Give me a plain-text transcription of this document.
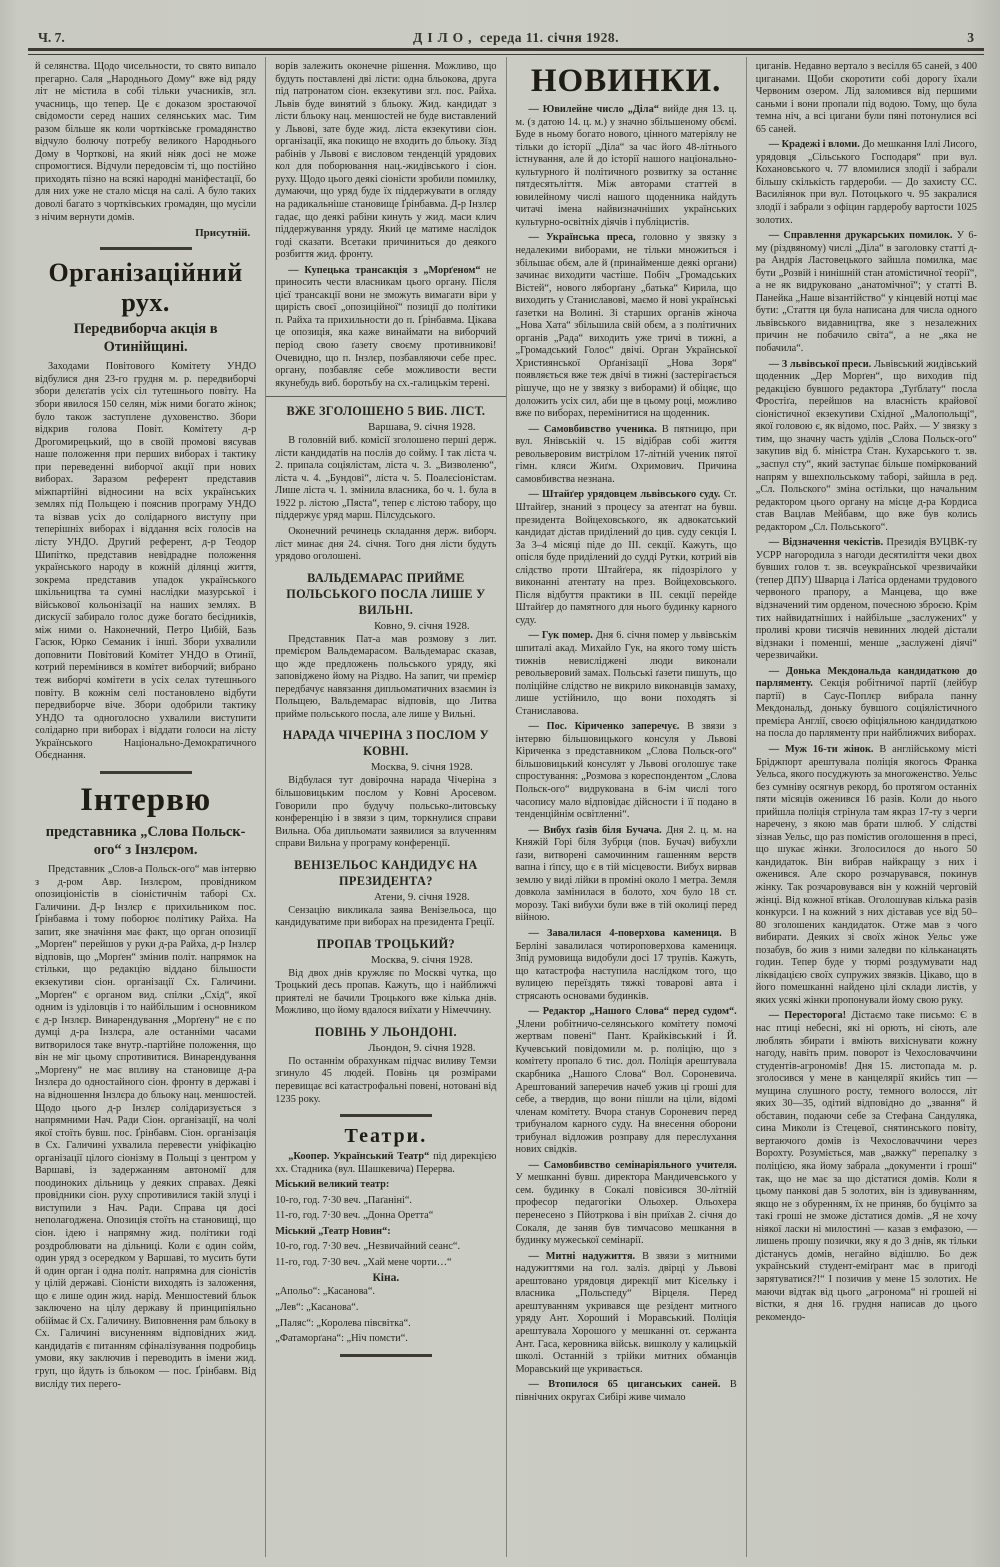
Ч. 7.	ДІЛО, середа 11. січня 1928.	3

й селянства. Щодо чисельности, то свято випало прегарно. Саля „Народнього Дому“ вже від ряду літ не містила в собі тільки учасників, згл. учасниць, що тепер. Це є доказом зростаючої свідомости серед наших селянських мас. Тим разом більше як коли чортківське громадянство відчуло болючу потребу великого Народнього Дому в Чорткові, на який ніяк досі не може спромогтися. Відчули передовсім ті, що постійно приходять пізно на всякі народні маніфестації, бо для них уже не стало місця на салі. А було таких доволі багато з чортківських громадян, що мусіли з нічим вернути домів.

Присутній.
Організаційний рух.
Передвиборча акція в Отинійщині.

Заходами Повітового Комітету УНДО відбулися дня 23-го грудня м. р. передвиборчі збори делєґатів усіх сіл тутешнього повіту. На збори явилося 150 селян, між ними богато жінок; було також заступлене духовенство. Збори відкрив голова Повіт. Комітету д-р Дрогомирецький, що в своїй промові вясував наше положення при перших виборах і тактику при переведенні виборчої акції при нових виборах. Заразом референт представив міжпартійні відносини на всіх українських землях під Польщею і пояснив програму УНДО та візвав усіх до солідарного виступу при теперішніх виборах і віддання всіх голосів на лісту УНДО. Другий референт, д-р Теодор Шипітко, представив невідрадне положення українського народу в кожній ділянці життя, зокрема представив упадок українського шкільництва та сумні наслідки мазурської і військової кольонізації на наших землях. В дискусії забирало голос дуже богато бесідників, між ними о. Наконечний, Петро Цибій, Базь Гасюк, Юрко Семаник і інші. Збори ухвалили доповнити Повітовий Комітет УНДО в Отинії, котрий перемінився в комітет виборчий; вибрано теж виборчі комітети в усіх селах тутешнього повіту. В кожнім селі постановлено відбути передвиборче віче. Збори одобрили тактику УНДО та одноголосно ухвалили виступити солідарно при виборах і віддати голоси на лісту Українського Національно-Демократичного Обєднання.

Інтервю
представника „Слова Польск-ого“ з Інзлєром.

Представник „Слов-а Польск-ого“ мав інтервю з д-ром Авр. Інзлєром, провідником опозиціоністів в сіоністичнім таборі Сх. Галичини. Д-р Інзлєр є прихильником пос. Ґрінбавма і тому поборює політику Райха. На запит, яке значіння має факт, що орган опозиції „Морґен“ перейшов у руки д-ра Райха, д-р Інзлєр відповів, що „Морґен“ змінив політ. напрямок на стільки, що редакцію віддано більшости екзекутиви сіон. організації Сх. Галичини. „Морґен“ є органом вид. спілки „Схід“, якої одним із уділовців і то найбільшим і основником є д-р Інзлєр. Винарендування „Морґену“ не є по думці д-ра Інзлєра, але останніми часами витворилося таке внутр.-партійне положення, що він не міг цьому спротивитися. Винарендування „Морґену“ не має впливу на становище д-ра Інзлєра до одностайного сіон. фронту в державі і на відношення Інзлєра до бльоку нац. меншостей. Щодо цього д-р Інзлєр солідаризується з напрямними Нач. Ради Сіон. організації, на чолі якої стоїть бувш. пос. Ґрінбавм. Сіон. організація в Сх. Галичині ухвалила перевести уніфікацію організації цілого сіонізму в Польщі з центром у Варшаві, із задержанням автономії для поодиноких дільниць у деяких справах. Деякі провідники сіон. руху спротивилися такій злуці і виступили з Нач. Ради. Справа ця досі неполагоджена. Опозиція стоїть на становищі, що сіон. ідею і напрямну жид. політики годі роздроблювати на дільниці. Коли є один сойм, один уряд з осередком у Варшаві, то мусить бути й один орган і одна політ. напрямна для сіоністів у цілій державі. Сіоністи виходять із заложення, що є лише один жид. нарід. Меншостевий бльок заключено на цілу державу й принципіяльно обіймає й Сх. Галичину. Виповнення рам бльоку в Сх. Галичині висуненням відповідних жид. кандидатів є питанням сфіналізування подробиць умови, яку заключив і переводить в імени жид. груп, що йдуть із бльоком — пос. Ґрінбавм. Від висліду тих перего-

ворів залежить оконечне рішення. Можливо, що будуть поставлені дві лісти: одна бльокова, друга під патронатом сіон. екзекутиви згл. пос. Райха. Львів буде винятий з бльоку. Жид. кандидат з лісти бльоку нац. меншостей не буде виставлений у Львові, зате буде жид. ліста екзекутиви сіон. організації, яка покищо не входить до бльоку. Зїзд рабінів у Львові є висловом тенденцій урядових кол для поборювання нац.-жидівського і сіон. руху. Щодо цього деякі сіоністи зробили помилку, думаючи, що уряд буде їх піддержувати в огляду на радикальніше становище Ґрінбавма. Д-р Інзлєр гадає, що деякі рабіни кинуть у жид. маси клич піддержування уряду. Який це матиме наслідок годі сказати. Всетаки причиниться до деякого розбиття жид. фронту.

— Купецька трансакція з „Морґеном“ не приносить чести власникам цього органу. Після цієї трансакції вони не зможуть вимагати віри у щирість своєї „опозиційної“ позиції до політики п. Райха та прихильности до п. Ґрінбавма. Цікава це опозиція, яка каже винаймати на виборчий період свою ґазету своєму противникові! Очевидно, що п. Інзлєр, позбавляючи себе прес. органу, позбавляє себе можливости вести якунебудь виб. боротьбу на сх.-галицькім терені.

ВЖЕ ЗГОЛОШЕНО 5 ВИБ. ЛІСТ.
Варшава, 9. січня 1928.

В головній виб. комісії зголошено перші держ. лісти кандидатів на послів до сойму. І так ліста ч. 2. припала соціялістам, ліста ч. 3. „Визволеню“, ліста ч. 4. „Бундові“, ліста ч. 5. Поалєсіоністам. Лише ліста ч. 1. змінила власника, бо ч. 1. була в 1922 р. лістою „Пяста“, тепер є лістою табору, що піддержує уряд марш. Пілсудського.

Оконечний речинець складання держ. виборч. ліст минає дня 24. січня. Того дня лісти будуть урядово оголошені.

ВАЛЬДЕМАРАС ПРИЙМЕ ПОЛЬСЬКОГО ПОСЛА ЛИШЕ У ВИЛЬНІ.
Ковно, 9. січня 1928.

Представник Пат-а мав розмову з лит. премієром Вальдемарасом. Вальдемарас сказав, що жде предложень польського уряду, які заповіджено йому на Різдво. На запит, чи премієр передбачує навязання дипльоматичних взаємин із Польщею, Вальдемарас відповів, що Литва прийме польського посла, але лише у Вильні.

НАРАДА ЧІЧЕРІНА З ПОСЛОМ У КОВНІ.
Москва, 9. січня 1928.

Відбулася тут довірочна нарада Чічеріна з більшовицьким послом у Ковні Аросевом. Говорили про будучу польсько-литовську конференцію і в звязи з цим, торкнулися справи Вильна. Оба дипльомати заявилися за влученням справи Вильна у програму конференції.

ВЕНІЗЕЛЬОС КАНДИДУЄ НА ПРЕЗИДЕНТА?
Атени, 9. січня 1928.

Сензацію викликала заява Венізельоса, що кандидуватиме при виборах на президента Греції.

ПРОПАВ ТРОЦЬКИЙ?
Москва, 9. січня 1928.

Від двох днів кружляє по Москві чутка, що Троцький десь пропав. Кажуть, що і найближчі приятелі не бачили Троцького вже кілька днів. Можливо, що йому вдалося виїхати у Німеччину.

ПОВІНЬ У ЛЬОНДОНІ.
Льондон, 9. січня 1928.

По останнім обрахункам підчас виливу Темзи згинуло 45 людей. Повінь ця розмірами перевищає всі катастрофальні повені, нотовані від 1235 року.

Театри.

„Коопер. Український Театр“ під дирекцією хх. Стадника (вул. Шашкевича) Перерва.

Міський великий театр:

10-го, год. 7·30 веч. „Паґаніні“.

11-го, год. 7·30 веч. „Донна Оретта“

Міський „Театр Новин“:

10-го, год. 7·30 веч. „Незвичайний сеанс“.

11-го, год. 7·30 веч. „Хай мене чорти…“

Кіна.

„Апольо“: „Касанова“.

„Лев“: „Касанова“.

„Паляс“: „Королева півсвітка“.

„Фатаморґана“: „Ніч помсти“.

НОВИНКИ.

— Ювилейне число „Діла“ вийде дня 13. ц. м. (з датою 14. ц. м.) у значно збільшеному обємі. Буде в ньому богато нового, цінного матеріялу не тільки до історії „Діла“ за час його 48-літнього істнування, але й до історії нашого національно-культурного й політичного розвитку за останнє пятдесятьліття. Між авторами статтей в ювилейному числі нашого щоденника найдуть читачі імена найвизначніших українських культурно-освітніх діячів і публіцистів.

— Українська преса, головно у звязку з недалекими виборами, не тільки множиться і збільшає обєм, але й (принайменше деякі органи) зачинає виходити частіше. Побіч „Громадських Вістей“, нового ляборґану „батька“ Кирила, що виходить у Станиславові, маємо й нові українські ґазетки на Волині. Зі старших органів жіноча „Нова Хата“ збільшила свій обєм, а з політичних органів „Рада“ виходить уже тричі в тижні, а „Громадський Голос“ двічі. Орган Української Християнської Орґанізації „Нова Зоря“ появляється вже теж двічі в тижні (застерігається рішуче, що не у звязку з виборами) й обіцяє, що доложить усіх сил, аби ще в цьому році, можливо вже по виборах, перемінитися на щоденник.

— Самовбивство ученика. В пятницю, при вул. Янівській ч. 15 відібрав собі життя револьверовим вистрілом 17-літній ученик пятої гімн. кляси Жиґм. Охримович. Причина самовбивства незнана.

— Штайґер урядовцем львівського суду. Ст. Штайґер, знаний з процесу за атентат на бувш. президента Войцеховського, як адвокатський кандидат дістав приділений до цив. суду секція І. За 3–4 місяці піде до III. секції. Кажуть, що опісля буде приділений до судді Рутки, котрий вів слідство проти Штайґера, як підозрілого у виконанні атентату на през. Войцеховського. Після відбуття практики в III. секції перейде Штайґер до памятного для нього будинку карного суду.

— Гук помер. Дня 6. січня помер у львівськім шпиталі акад. Михайло Гук, на якого тому шість тижнів невисліджені люди виконали револьверовий замах. Польські ґазети пишуть, що поліційне слідство не викрило виконавців замаху, лише устійнило, що вони походять зі Станиславова.

— Пос. Кіриченко заперечує. В звязи з інтервю більшовицького консуля у Львові Кіриченка з представником „Слова Польск-ого“ більшовицький консулят у Львові оголошує таке спростування: „Розмова з кореспондентом „Слова Польск-ого“ видрукована в 6-ім числі того часопису мало відповідає дійсности і її подано в тенденційнім освітленні“.

— Вибух ґазів біля Бучача. Дня 2. ц. м. на Княжій Горі біля Зубрця (пов. Бучач) вибухли ґази, витворені самочинним гашенням верств вапна і ґіпсу, що є в тій місцевости. Вибух вирвав землю у виді лійки в проміні около 1 метра. Земля довкола замінилася в болото, хоч було 18 ст. морозу. Такі вибухи були вже в тій околиці перед війною.

— Завалилася 4-поверхова камениця. В Берліні завалилася чотироповерхова камениця. Зпід румовища видобули досі 17 трупів. Кажуть, що катастрофа наступила наслідком того, що вулицею переїздять тяжкі товарові авта і стрясають основами будинків.

— Редактор „Нашого Слова“ перед судом“. „Члени робітничо-селянського комітету помочі жертвам повені“ Пант. Крайківський і Й. Кучевський повідомили м. р. поліцію, що з комітету пропало 6 тис. дол. Поліція арештувала скарбника „Нашого Слова“ Вол. Сороневича. Арештований заперечив начеб ужив ці гроші для себе, а твердив, що вони пішли на ціли, відомі членам комітету. Вчора станув Сороневич перед трибуналом карного суду. На внесення оборони трибунал відложив розправу для переслухання нових свідків.

— Самовбивство семінаріяльного учителя. У мешканні бувш. директора Мандичевського у сем. будинку в Сокалі повісився 30-літній професор педагогіки Ольохер. Ольохера перенесено з Пйотркова і він приїхав 2. січня до Сокаля, де заняв був тимчасово мешкання в будинку мужеської семінарії.

— Митні надужиття. В звязи з митними надужиттями на гол. заліз. двірці у Львові арештовано урядовця дирекції мит Кісельку і власника „Польспеду“ Вірцеля. Перед арештуванням укривався ще резідент митного уряду Ант. Хороший і Моравський. Поліція арештувала Хорошого у мешканні от. сержанта Ант. Гаса, керовника військ. вишколу у калицькій школі. Останній з трійки митних обманців Моравський ще укривається.

— Втопилося 65 циганських саней. В північних округах Сибірі живе чимало

циганів. Недавно вертало з весілля 65 саней, з 400 циганами. Щоби скоротити собі дорогу їхали Червоним озером. Лід заломився від першими саньми і вони пропали під водою. Тому, що була темна ніч, а всі цигани були пяні потонулися всі 65 саней.

— Крадежі і вломи. До мешкання Іллі Лисого, урядовця „Сільського Господаря“ при вул. Кохановського ч. 77 вломилися злодії і забрали більшу скількість гардероби. — До захисту СС. Василіянок при вул. Потоцького ч. 95 закралися злодії і забрали з офіцин гардеробу вартости 1025 золотих.

— Справлення друкарських помилок. У 6-му (різдвяному) числі „Діла“ в заголовку статті д-ра Андрія Ластовецького зайшла помилка, має бути „Розвій і нинішній стан атомістичної теорії“, а не як видруковано „анатомічної“; у статті В. Панейка „Наше візантійство“ у кінцевій нотці має бути: „Стаття ця була написана для числа одного львівського видавництва, яке з незалежних причин не побачило світа“, а не „яка не побачила“.

— З львівської преси. Львівський жидівський щоденник „Дер Морґен“, що виходив під редакцією бувшого редактора „Туґблату“ посла Фростіґа, перейшов на власність крайової сіоністичної екзекутиви Східної „Малопольщі“, якої головою є, як відомо, пос. Райх. — У звязку з тим, що значну часть уділів „Слова Польск-ого“ закупив від б. міністра Стан. Кухарського т. зв. „заспул сту“, який заступає більше поміркований напрям у вшехпольському таборі, зайшла в ред. „Сл. Польского“ зміна остільки, що начальним редактором цього органу на місце д-ра Кордиса став Вацлав Мейбавм, що вже був колись редактором „Сл. Польського“.

— Відзначення чекістів. Президія ВУЦВК-ту УСРР нагородила з нагоди десятиліття чеки двох бувших голов т. зв. всеукраїнської чрезвичайки (тепер ДПУ) Шварца і Латіса орденами трудового червоного прапору, а Манцева, що вже відзначений тим орденом, почесною зброєю. Крім тих найвидатніших і найбільше „заслужених“ у проливі крови тисячів невинних людей дістали відзнаки і поменші, менше „заслужені діячі“ черезвичайки.

— Донька Мекдональда кандидаткою до парляменту. Секція робітничої партії (лейбур партії) в Саус-Поплєр вибрала панну Мекдональд, доньку бувшого соціялістичного премієра Англії, своєю офіціяльною кандидаткою на посла до парляменту при найближчих виборах.

— Муж 16-ти жінок. В англійському місті Бріджпорт арештувала поліція якогось Франка Уельса, якого посуджують за многоженство. Уельс без сумніву осягнув рекорд, бо протягом останніх пяти місяців оженився 16 разів. Коли до нього прийшла поліція стрінула там якраз 17-ту з черги наречену, з якою мав брати шлюб. У слідстві зізнав Уельс, що раз помістив оголошення в пресі, що шукає жінки. Зголосилося до нього 50 кандидаток. Він вибрав найкращу з них і оженився. Але скоро розчарувався, покинув жінку. Так розчаровувався він у кожній черговій жінці. Від кожної втікав. Оголошував кілька разів конкурси. І на кожний з них діставав усе від 50–80 зголошених кандидаток. Отже мав з чого вибирати. Деяких зі своїх жінок Уельс уже позабув, бо жив з ними заледви по кільканацять годин. Тепер буде у тюрмі роздумувати над ліквідацією своїх супружих звязків. Цікаво, що в його помешканні найдено цілі склади листів, у яких усякі жінки пропонували йому свою руку.

— Пересторога! Дістаємо таке письмо: Є в нас птиці небесні, які ні орють, ні сіють, але люблять збирати і вміють вихіснувати кожну нагоду, навіть прим. поворот із Чехословаччини студентів-агрономів! Дня 15. листопада м. р. зголосився у мене в канцелярії якийсь тип — мущина слушного росту, темного волосся, літ яких 30—35, одітий відповідно до „звання“ й обставин, подаючи себе за Стефана Сандуляка, сина Миколи із Стецевої, снятинського повіту, вертаючого домів із Чехословаччини через Ворохту. Розуміється, мав „важку“ перепалку з поліцією, яка йому забрала „документи і гроші“ так, що не має за що дістатися домів. Коли я цьому панкові дав 5 золотих, він із здивуванням, якщо не з обуренням, їх не приняв, бо буцімто за такі гроші не зможе дістатися домів. „Я не хочу ніякої ласки ні милостині — казав з емфазою, — лишень прошу позички, яку я до 3 днів, як тільки дістанусь домів, негайно відішлю. Бо деж український студент-еміґрант має в пригоді зарятуватися?!“ І позичив у мене 15 золотих. Не маючи відтак від цього „агронома“ ні грошей ні вістки, я дня 16. грудня написав до цього рекомендо-
